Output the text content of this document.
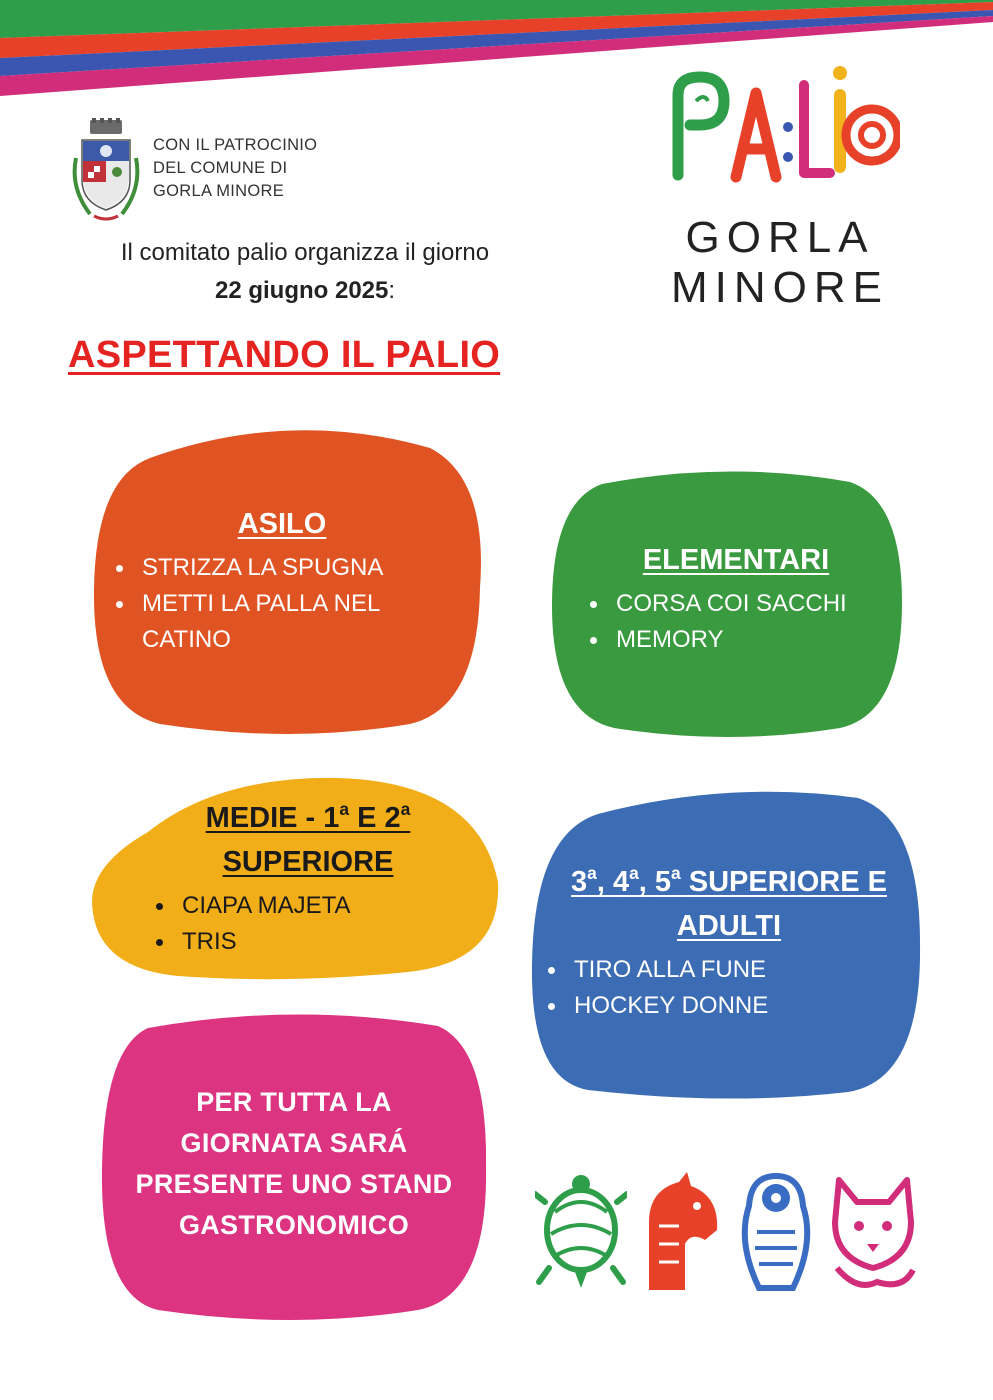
CON IL PATROCINIO
DEL COMUNE DI
GORLA MINORE
Il comitato palio organizza il giorno
22 giugno 2025:
ASPETTANDO IL PALIO
GORLA
MINORE
ASILO
STRIZZA LA SPUGNA
METTI LA PALLA NEL CATINO
ELEMENTARI
CORSA COI SACCHI
MEMORY
MEDIE - 1$^a$ E 2$^a$
SUPERIORE
CIAPA MAJETA
TRIS
3$^a$, 4$^a$, 5$^a$ SUPERIORE E
ADULTI
TIRO ALLA FUNE
HOCKEY DONNE
PER TUTTA LA
GIORNATA SARÁ
PRESENTE UNO STAND
GASTRONOMICO
